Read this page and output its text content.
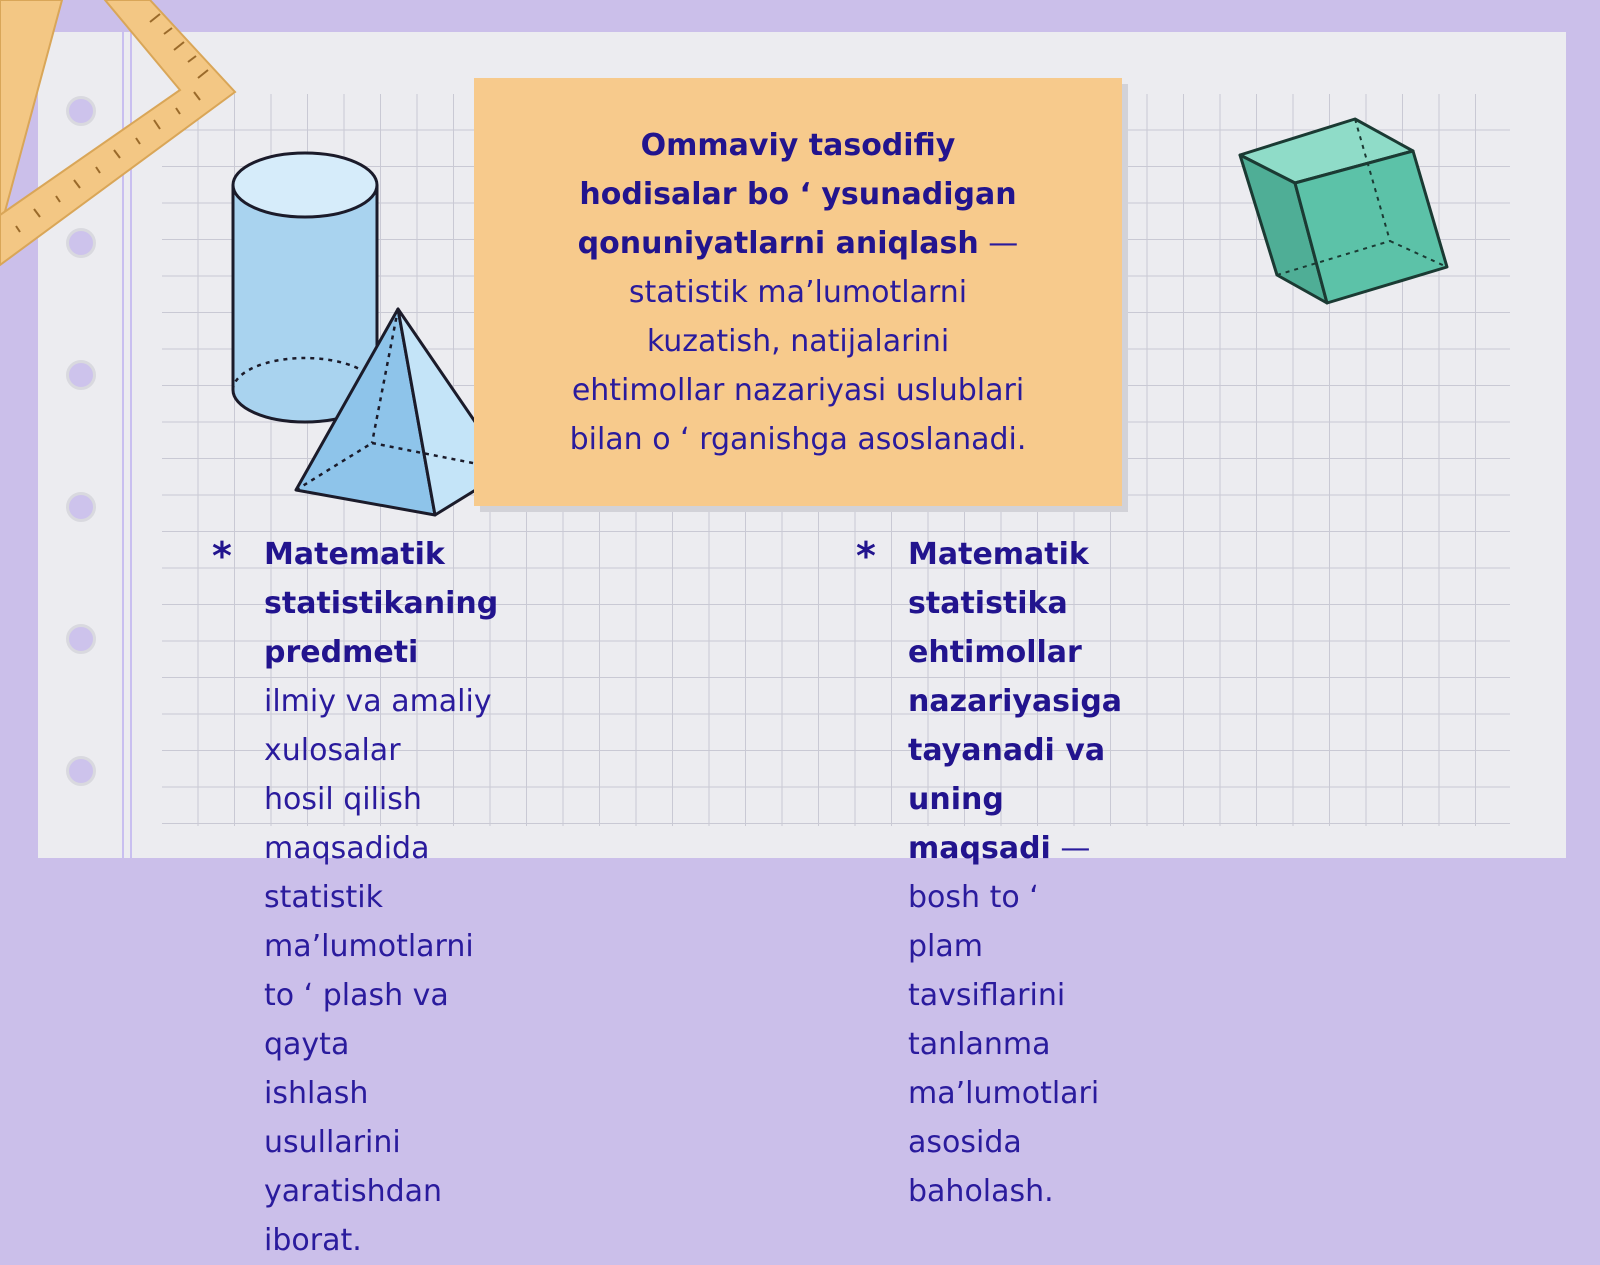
Ommaviy tasodifiy
hodisalar bo ʻ ysunadigan
qonuniyatlarni aniqlash —
statistik ma’lumotlarni
kuzatish, natijalarini
ehtimollar nazariyasi uslublari
bilan o ʻ rganishga asoslanadi.
* Matematik statistikaning
predmeti ilmiy va amaliy xulosalar
hosil qilish maqsadida statistik
ma’lumotlarni to ʻ plash va qayta
ishlash usullarini yaratishdan
iborat.
* Matematik statistika ehtimollar
nazariyasiga tayanadi va uning
maqsadi — bosh to ʻ plam
tavsiflarini tanlanma ma’lumotlari
asosida baholash.
